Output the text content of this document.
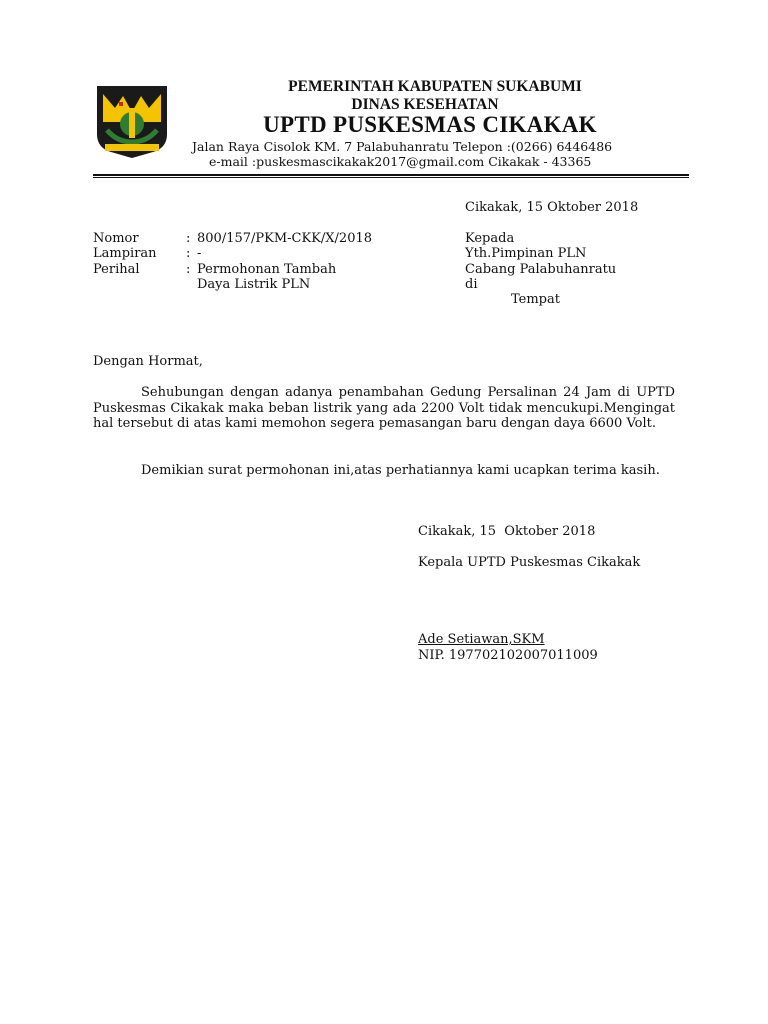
PEMERINTAH KABUPATEN SUKABUMI
DINAS KESEHATAN
UPTD PUSKESMAS CIKAKAK
Jalan Raya Cisolok KM. 7 Palabuhanratu Telepon :(0266) 6446486
e-mail :puskesmascikakak2017@gmail.com Cikakak - 43365
Cikakak, 15 Oktober 2018
Nomor	: 800/157/PKM-CKK/X/2018
Lampiran : -
Perihal	: Permohonan Tambah
Daya Listrik PLN
Kepada
Yth.Pimpinan PLN
Cabang Palabuhanratu
di
Tempat
Dengan Hormat,
Sehubungan dengan adanya penambahan Gedung Persalinan 24 Jam di UPTD Puskesmas Cikakak maka beban listrik yang ada 2200 Volt tidak mencukupi.Mengingat hal tersebut di atas kami memohon segera pemasangan baru dengan daya 6600 Volt.
Demikian surat permohonan ini,atas perhatiannya kami ucapkan terima kasih.
Cikakak, 15  Oktober 2018
Kepala UPTD Puskesmas Cikakak
Ade Setiawan,SKM
NIP. 197702102007011009
